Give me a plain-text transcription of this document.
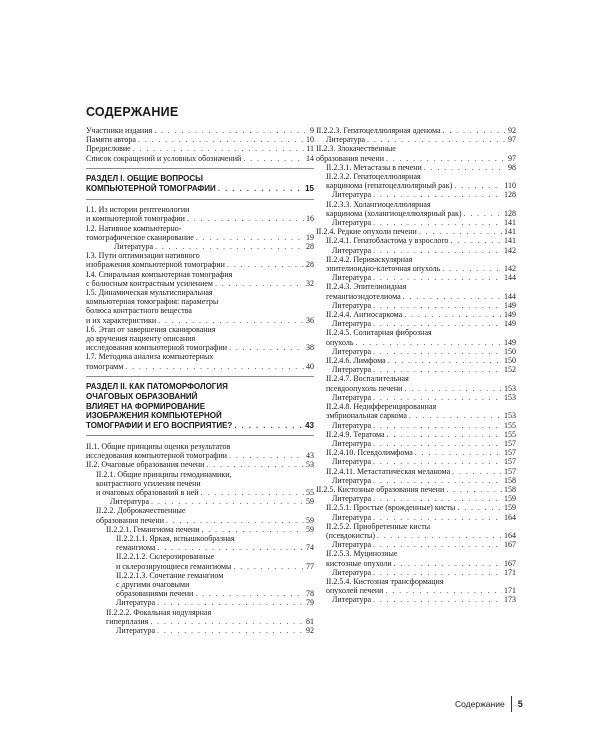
СОДЕРЖАНИЕ
Участники издания . . .	9
Памяти автора . . .	10
Предисловие . . .	11
Список сокращений и условных обозначений . . .	14
РАЗДЕЛ I. ОБЩИЕ ВОПРОСЫ
КОМПЬЮТЕРНОЙ ТОМОГРАФИИ . . .	15
I.1. Из истории рентгенологии
и компьютерной томографии . . .	16
I.2. Нативное компьютерно-
томографическое сканирование . . .	19
Литература . . .	28
I.3. Пути оптимизации нативного
изображения компьютерной томографии . . .	28
I.4. Спиральная компьютерная томография
с болюсным контрастным усилением . . .	32
I.5. Динамическая мультиспиральная
компьютерная томография: параметры
болюса контрастного вещества
и их характеристики . . .	36
I.6. Этап от завершения сканирования
до вручения пациенту описания
исследования компьютерной томографии . . .	38
I.7. Методика анализа компьютерных
томограмм . . .	40
РАЗДЕЛ II. КАК ПАТОМОРФОЛОГИЯ
ОЧАГОВЫХ ОБРАЗОВАНИЙ
ВЛИЯЕТ НА ФОРМИРОВАНИЕ
ИЗОБРАЖЕНИЯ КОМПЬЮТЕРНОЙ
ТОМОГРАФИИ И ЕГО ВОСПРИЯТИЕ? . . .	43
II.1. Общие принципы оценки результатов
исследования компьютерной томографии . . .	43
II.2. Очаговые образования печени . . .	53
II.2.1. Общие принципы гемодинамики,
контрастного усиления печени
и очаговых образований в ней . . .	55
Литература . . .	59
II.2.2. Доброкачественные
образования печени . . .	59
II.2.2.1. Гемангиома печени . . .	59
II.2.2.1.1. Яркая, вспышкообразная
гемангиома . . .	74
II.2.2.1.2. Склерозированные
и склерозирующиеся гемангиомы . . .	77
II.2.2.1.3. Сочетание гемангиом
с другими очаговыми
образованиями печени . . .	78
Литература . . .	79
II.2.2.2. Фокальная нодулярная
гиперплазия . . .	81
Литература . . .	92
II.2.2.3. Гепатоцеллюлярная аденома . . .	92
Литература . . .	97
II.2.3. Злокачественные
образования печени . . .	97
II.2.3.1. Метастазы в печени . . .	98
II.2.3.2. Гепатоцеллюлярная
карцинома (гепатоцеллюлярный рак) . . .	110
Литература . . .	128
II.2.3.3. Холангиоцеллюлярная
карцинома (холангиоцеллюлярный рак) . . .	128
Литература . . .	141
II.2.4. Редкие опухоли печени . . .	141
II.2.4.1. Гепатобластома у взрослого . . .	141
Литература . . .	142
II.2.4.2. Периваскулярная
эпителиоидно-клеточная опухоль . . .	142
Литература . . .	144
II.2.4.3. Эпителиоидная
гемангиоэндотелиома . . .	144
Литература . . .	149
II.2.4.4. Ангиосаркома . . .	149
Литература . . .	149
II.2.4.5. Солитарная фиброзная
опухоль . . .	149
Литература . . .	150
II.2.4.6. Лимфома . . .	150
Литература . . .	152
II.2.4.7. Воспалительная
псевдоопухоль печени . . .	153
Литература . . .	153
II.2.4.8. Недифференцированная
эмбриональная саркома . . .	153
Литература . . .	155
II.2.4.9. Тератома . . .	155
Литература . . .	157
II.2.4.10. Псевдолимфома . . .	157
Литература . . .	157
II.2.4.11. Метастатическая меланома . . .	157
Литература . . .	158
II.2.5. Кистозные образования печени . . .	158
Литература . . .	159
II.2.5.1. Простые (врожденные) кисты . . .	159
Литература . . .	164
II.2.5.2. Приобретенные кисты
(псевдокисты) . . .	164
Литература . . .	167
II.2.5.3. Муцинозные
кистозные опухоли . . .	167
Литература . . .	171
II.2.5.4. Кистозная трансформация
опухолей печени . . .	171
Литература . . .	173
Содержание 5
